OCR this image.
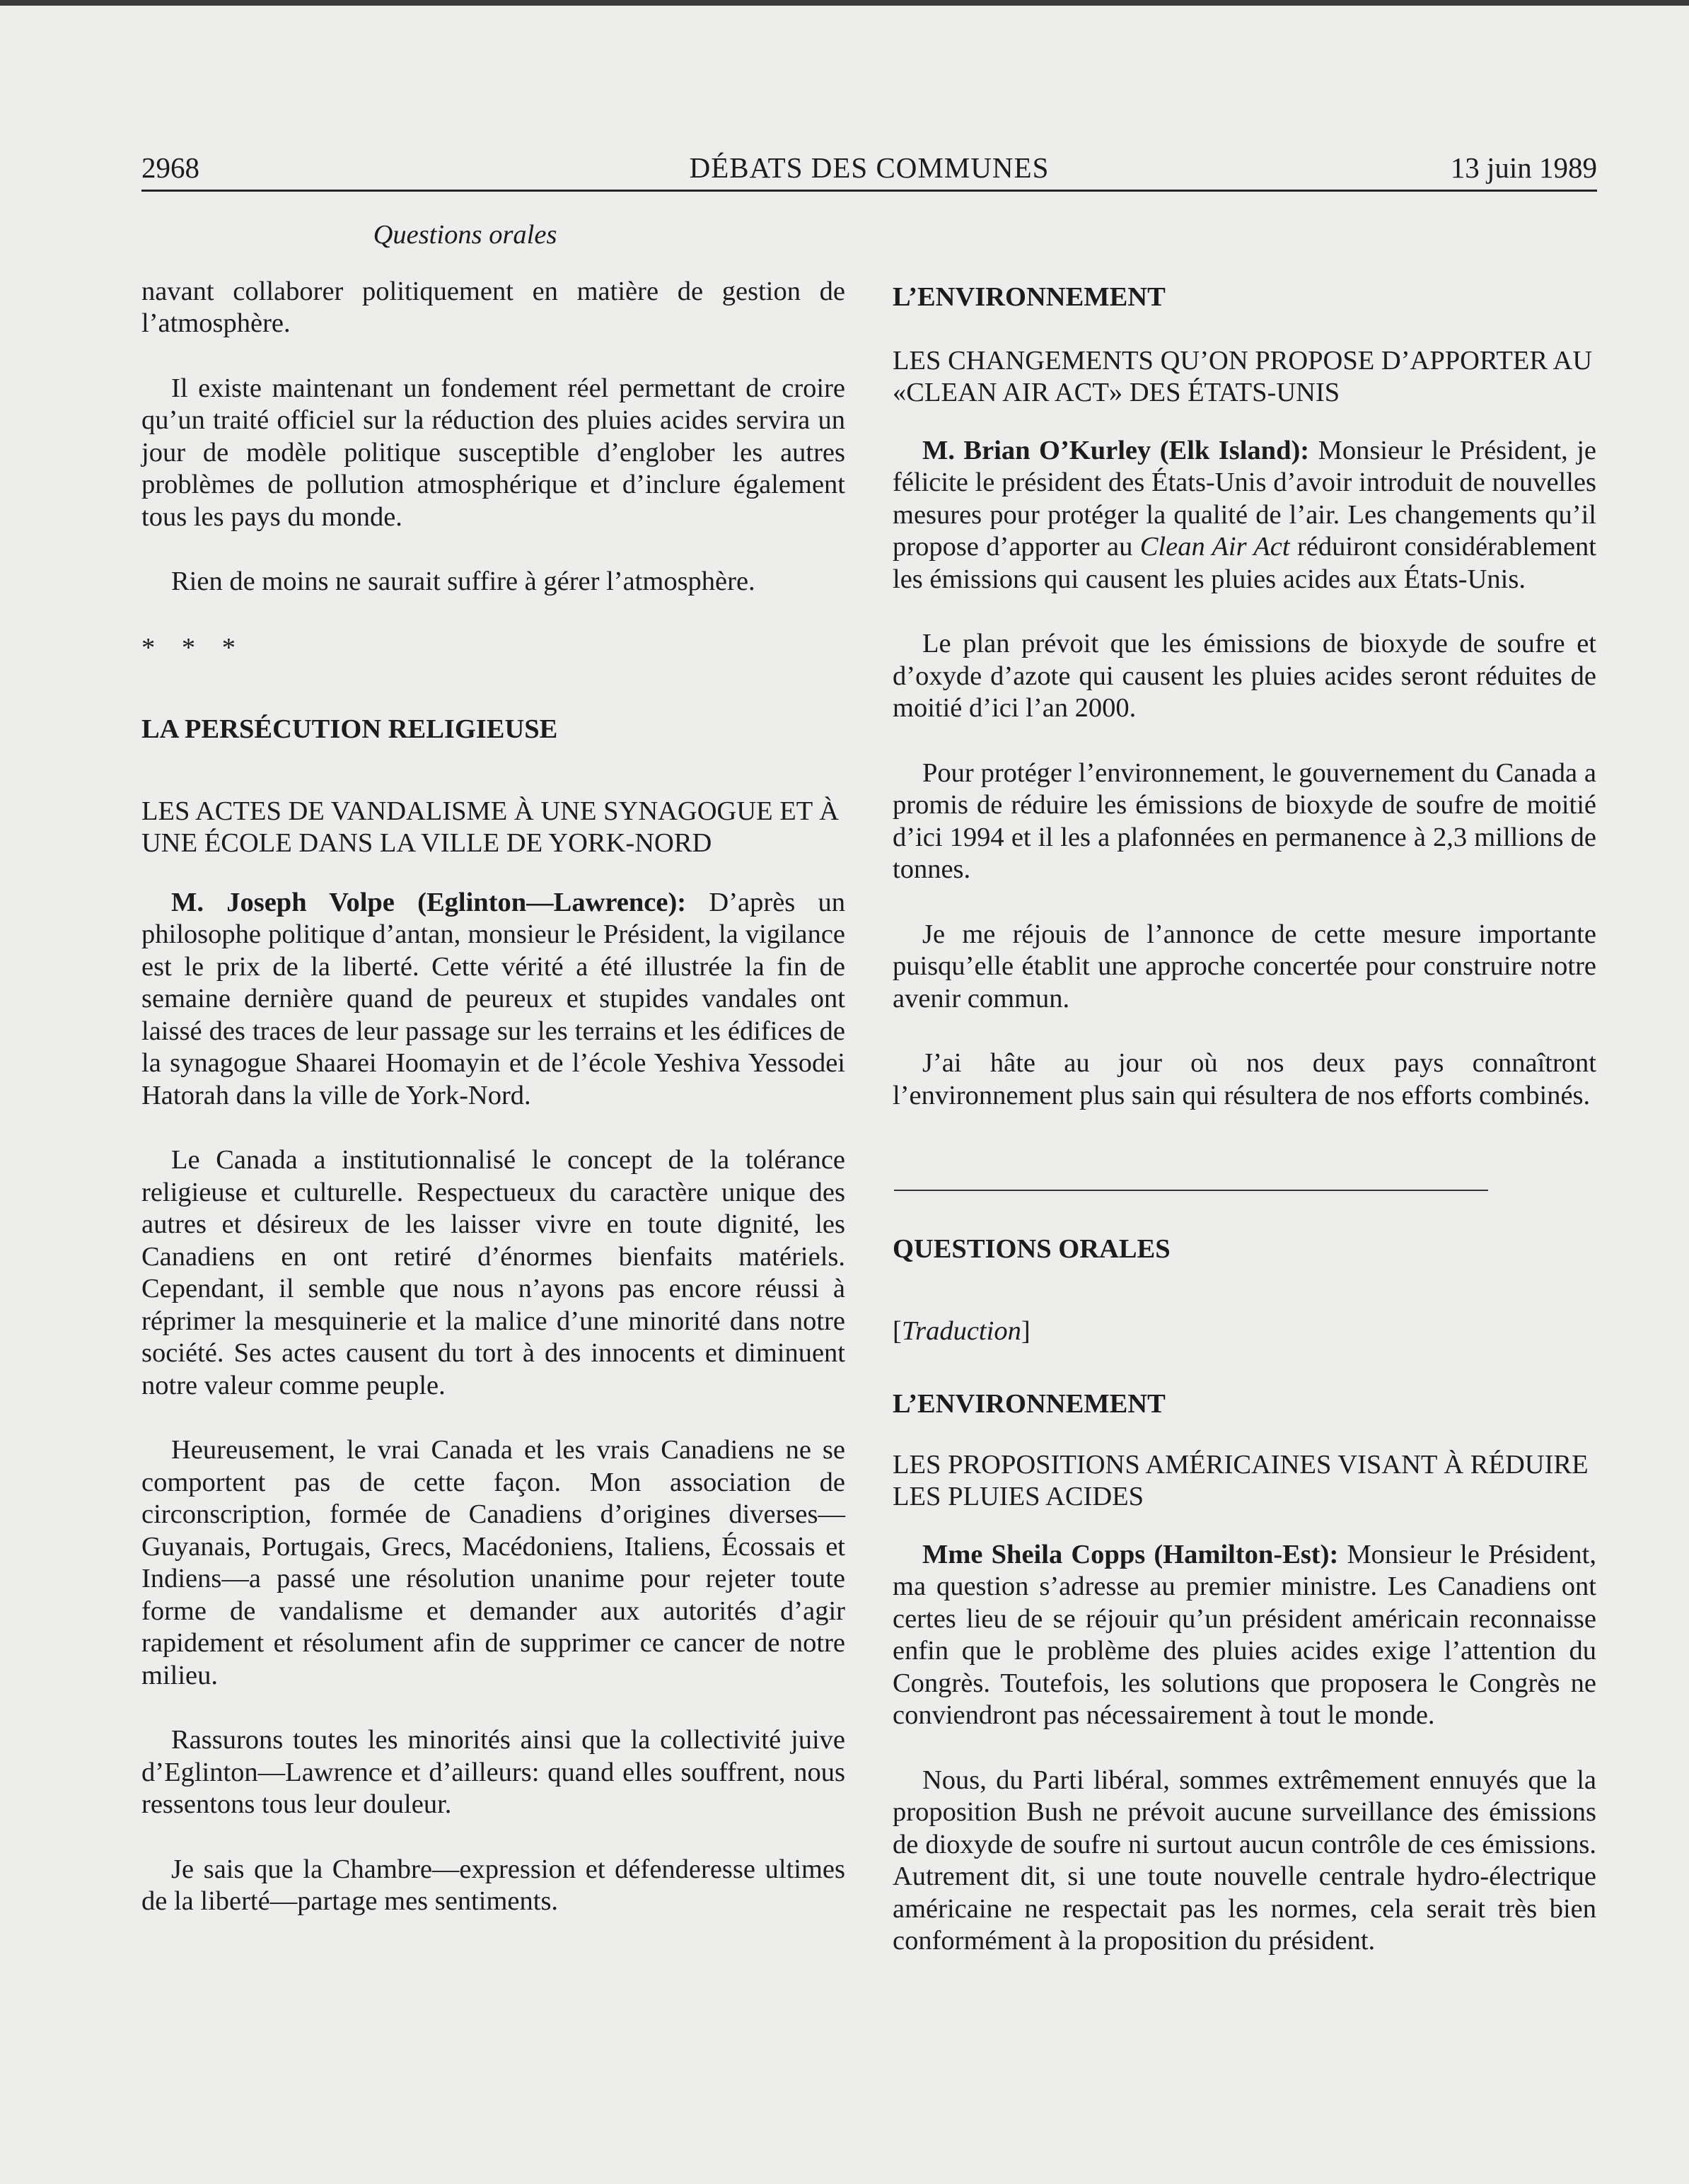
2968	DÉBATS DES COMMUNES	13 juin 1989

Questions orales

navant collaborer politiquement en matière de gestion de l’atmosphère.

Il existe maintenant un fondement réel permettant de croire qu’un traité officiel sur la réduction des pluies acides servira un jour de modèle politique susceptible d’englober les autres problèmes de pollution atmosphérique et d’inclure également tous les pays du monde.

Rien de moins ne saurait suffire à gérer l’atmosphère.

* * *

LA PERSÉCUTION RELIGIEUSE

LES ACTES DE VANDALISME À UNE SYNAGOGUE ET À

UNE ÉCOLE DANS LA VILLE DE YORK-NORD

M. Joseph Volpe (Eglinton—Lawrence): D’après un philosophe politique d’antan, monsieur le Président, la vigilance est le prix de la liberté. Cette vérité a été illustrée la fin de semaine dernière quand de peureux et stupides vandales ont laissé des traces de leur passage sur les terrains et les édifices de la synagogue Shaarei Hoomayin et de l’école Yeshiva Yessodei Hatorah dans la ville de York-Nord.

Le Canada a institutionnalisé le concept de la tolérance religieuse et culturelle. Respectueux du caractère unique des autres et désireux de les laisser vivre en toute dignité, les Canadiens en ont retiré d’énormes bienfaits matériels. Cependant, il semble que nous n’ayons pas encore réussi à réprimer la mesquinerie et la malice d’une minorité dans notre société. Ses actes causent du tort à des innocents et diminuent notre valeur comme peuple.

Heureusement, le vrai Canada et les vrais Canadiens ne se comportent pas de cette façon. Mon association de circonscription, formée de Canadiens d’origines diverses—Guyanais, Portugais, Grecs, Macédoniens, Italiens, Écossais et Indiens—a passé une résolution unanime pour rejeter toute forme de vandalisme et demander aux autorités d’agir rapidement et résolument afin de supprimer ce cancer de notre milieu.

Rassurons toutes les minorités ainsi que la collectivité juive d’Eglinton—Lawrence et d’ailleurs: quand elles souffrent, nous ressentons tous leur douleur.

Je sais que la Chambre—expression et défenderesse ultimes de la liberté—partage mes sentiments.

L’ENVIRONNEMENT

LES CHANGEMENTS QU’ON PROPOSE D’APPORTER AU

«CLEAN AIR ACT» DES ÉTATS-UNIS

M. Brian O’Kurley (Elk Island): Monsieur le Président, je félicite le président des États-Unis d’avoir introduit de nouvelles mesures pour protéger la qualité de l’air. Les changements qu’il propose d’apporter au Clean Air Act réduiront considérablement les émissions qui causent les pluies acides aux États-Unis.

Le plan prévoit que les émissions de bioxyde de soufre et d’oxyde d’azote qui causent les pluies acides seront réduites de moitié d’ici l’an 2000.

Pour protéger l’environnement, le gouvernement du Canada a promis de réduire les émissions de bioxyde de soufre de moitié d’ici 1994 et il les a plafonnées en permanence à 2,3 millions de tonnes.

Je me réjouis de l’annonce de cette mesure importante puisqu’elle établit une approche concertée pour construire notre avenir commun.

J’ai hâte au jour où nos deux pays connaîtront l’environnement plus sain qui résultera de nos efforts combinés.

QUESTIONS ORALES

[Traduction]

L’ENVIRONNEMENT

LES PROPOSITIONS AMÉRICAINES VISANT À RÉDUIRE

LES PLUIES ACIDES

Mme Sheila Copps (Hamilton-Est): Monsieur le Président, ma question s’adresse au premier ministre. Les Canadiens ont certes lieu de se réjouir qu’un président américain reconnaisse enfin que le problème des pluies acides exige l’attention du Congrès. Toutefois, les solutions que proposera le Congrès ne conviendront pas nécessairement à tout le monde.

Nous, du Parti libéral, sommes extrêmement ennuyés que la proposition Bush ne prévoit aucune surveillance des émissions de dioxyde de soufre ni surtout aucun contrôle de ces émissions. Autrement dit, si une toute nouvelle centrale hydro-électrique américaine ne respectait pas les normes, cela serait très bien conformément à la proposition du président.
